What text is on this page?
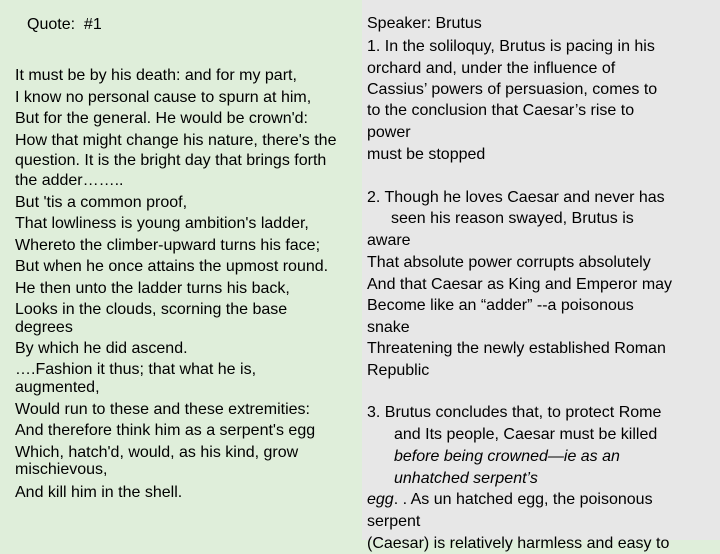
Quote:  #1
It must be by his death: and for my part,
I know no personal cause to spurn at him,
But for the general. He would be crown'd:
How that might change his nature, there's the
question. It is the bright day that brings forth
the adder……..
But 'tis a common proof,
That lowliness is young ambition's ladder,
Whereto the climber-upward turns his face;
But when he once attains the upmost round.
He then unto the ladder turns his back,
Looks in the clouds, scorning the base
degrees
By which he did ascend.
….Fashion it thus; that what he is,
augmented,
Would run to these and these extremities:
And therefore think him as a serpent's egg
Which, hatch'd, would, as his kind, grow
mischievous,
And kill him in the shell.
Speaker: Brutus
1. In the soliloquy, Brutus is pacing in his
orchard and, under the influence of
Cassius’ powers of persuasion, comes to
to the conclusion that Caesar’s rise to
power
must be stopped
2. Though he loves Caesar and never has
seen his reason swayed, Brutus is
aware
That absolute power corrupts absolutely
And that Caesar as King and Emperor may
Become like an “adder” --a poisonous
snake
Threatening the newly established Roman
Republic
3. Brutus concludes that, to protect Rome
and Its people, Caesar must be killed
before being crowned—ie as an
unhatched serpent’s
egg. . As un hatched egg, the poisonous
serpent
(Caesar) is relatively harmless and easy to
